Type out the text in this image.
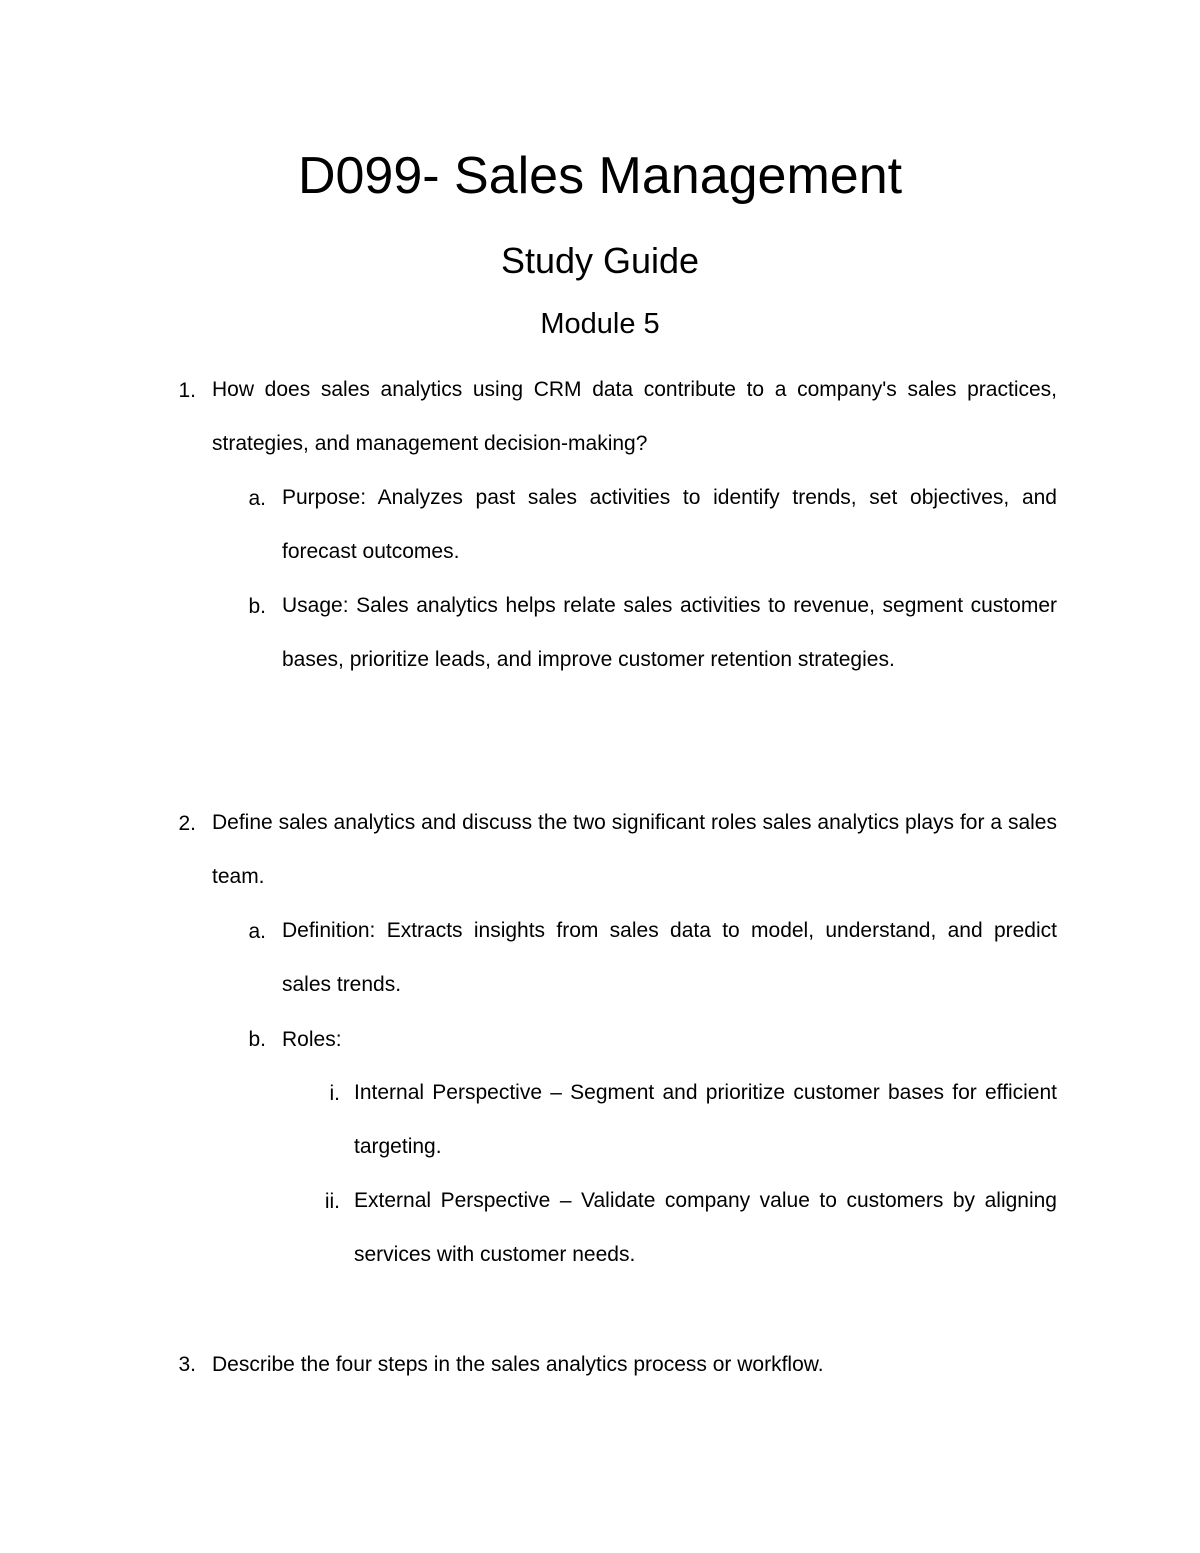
D099- Sales Management
Study Guide
Module 5
1. How does sales analytics using CRM data contribute to a company's sales practices, strategies, and management decision-making?

a. Purpose: Analyzes past sales activities to identify trends, set objectives, and forecast outcomes.

b. Usage: Sales analytics helps relate sales activities to revenue, segment customer bases, prioritize leads, and improve customer retention strategies.

2. Define sales analytics and discuss the two significant roles sales analytics plays for a sales team.

a. Definition: Extracts insights from sales data to model, understand, and predict sales trends.

b. Roles:
i. Internal Perspective – Segment and prioritize customer bases for efficient targeting.

ii. External Perspective – Validate company value to customers by aligning services with customer needs.

3. Describe the four steps in the sales analytics process or workflow.
